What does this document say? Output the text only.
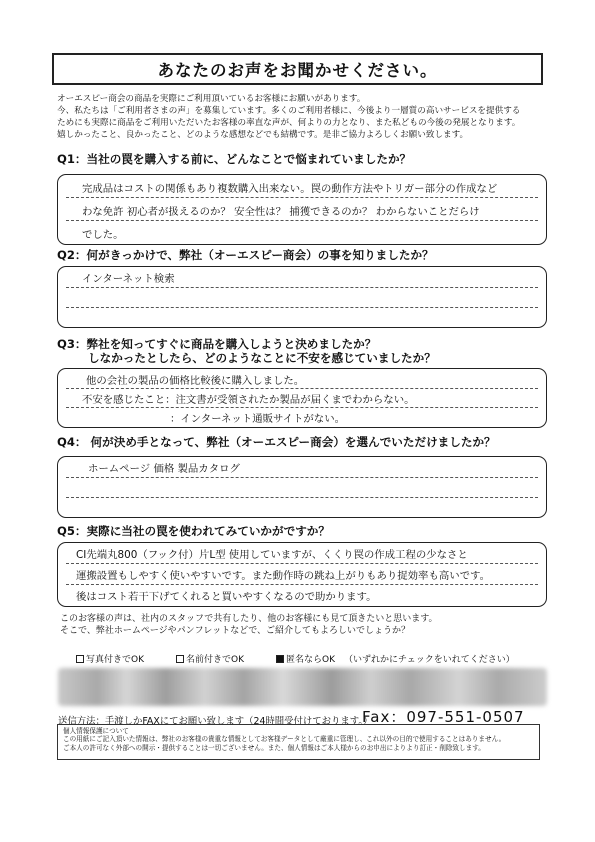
あなたのお声をお聞かせください。
オーエスピー商会の商品を実際にご利用頂いているお客様にお願いがあります。
今、私たちは「ご利用者さまの声」を募集しています。多くのご利用者様に、今後より一層質の高いサービスを提供する
ためにも実際に商品をご利用いただいたお客様の率直な声が、何よりの力となり、また私どもの今後の発展となります。
嬉しかったこと、良かったこと、どのような感想などでも結構です。是非ご協力よろしくお願い致します。
Q1：当社の罠を購入する前に、どんなことで悩まれていましたか？
完成品はコストの関係もあり複数購入出来ない。罠の動作方法やトリガー部分の作成など
わな免許 初心者が扱えるのか？ 安全性は？ 捕獲できるのか？ わからないことだらけ
でした。
Q2：何がきっかけで、弊社（オーエスピー商会）の事を知りましたか？
インターネット検索
Q3：弊社を知ってすぐに商品を購入しようと決めましたか？
しなかったとしたら、どのようなことに不安を感じていましたか？
他の会社の製品の価格比較後に購入しました。
不安を感じたこと：注文書が受領されたか製品が届くまでわからない。
：インターネット通販サイトがない。
Q4： 何が決め手となって、弊社（オーエスピー商会）を選んでいただけましたか？
ホームページ 価格 製品カタログ
Q5：実際に当社の罠を使われてみていかがですか？
CI先端丸800（フック付）片L型 使用していますが、くくり罠の作成工程の少なさと
運搬設置もしやすく使いやすいです。また動作時の跳ね上がりもあり捉効率も高いです。
後はコスト若干下げてくれると買いやすくなるので助かります。
このお客様の声は、社内のスタッフで共有したり、他のお客様にも見て頂きたいと思います。
そこで、弊社ホームページやパンフレットなどで、ご紹介してもよろしいでしょうか？
写真付きでOK	名前付きでOK	匿名ならOK （いずれかにチェックをいれてください）
送信方法：手渡しかFAXにてお願い致します（24時間受付けております。）
Fax：097-551-0507
個人情報保護について
この用紙にご記入頂いた情報は、弊社のお客様の貴重な情報としてお客様データとして厳重に管理し、これ以外の目的で使用することはありません。
ご本人の許可なく外部への開示・提供することは一切ございません。また、個人情報はご本人様からのお申出によりより訂正・削除致します。
